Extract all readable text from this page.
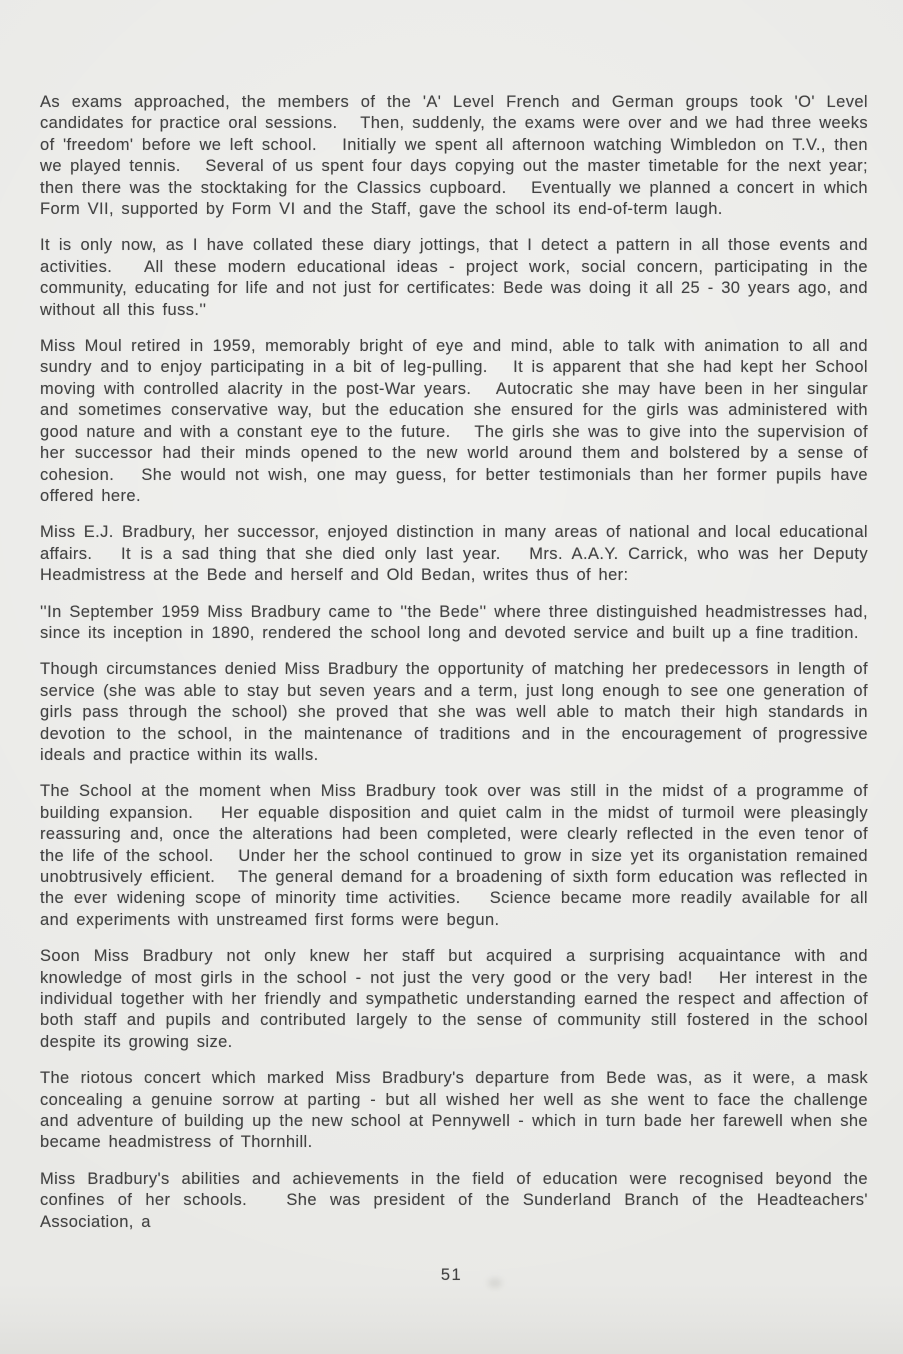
As exams approached, the members of the 'A' Level French and German groups took 'O' Level candidates for practice oral sessions.   Then, suddenly, the exams were over and we had three weeks of 'freedom' before we left school.   Initially we spent all afternoon watching Wimbledon on T.V., then we played tennis.   Several of us spent four days copying out the master timetable for the next year; then there was the stocktaking for the Classics cupboard.   Eventually we planned a concert in which Form VII, supported by Form VI and the Staff, gave the school its end-of-term laugh.

It is only now, as I have collated these diary jottings, that I detect a pattern in all those events and activities.   All these modern educational ideas - project work, social concern, participating in the community, educating for life and not just for certificates: Bede was doing it all 25 - 30 years ago, and without all this fuss.''

Miss Moul retired in 1959, memorably bright of eye and mind, able to talk with animation to all and sundry and to enjoy participating in a bit of leg-pulling.   It is apparent that she had kept her School moving with controlled alacrity in the post-War years.   Autocratic she may have been in her singular and sometimes conservative way, but the education she ensured for the girls was administered with good nature and with a constant eye to the future.   The girls she was to give into the supervision of her successor had their minds opened to the new world around them and bolstered by a sense of cohesion.   She would not wish, one may guess, for better testimonials than her former pupils have offered here.

Miss E.J. Bradbury, her successor, enjoyed distinction in many areas of national and local educational affairs.   It is a sad thing that she died only last year.   Mrs. A.A.Y. Carrick, who was her Deputy Headmistress at the Bede and herself and Old Bedan, writes thus of her:

''In September 1959 Miss Bradbury came to ''the Bede'' where three distinguished headmistresses had, since its inception in 1890, rendered the school long and devoted service and built up a fine tradition.

Though circumstances denied Miss Bradbury the opportunity of matching her predecessors in length of service (she was able to stay but seven years and a term, just long enough to see one generation of girls pass through the school) she proved that she was well able to match their high standards in devotion to the school, in the maintenance of traditions and in the encouragement of progressive ideals and practice within its walls.

The School at the moment when Miss Bradbury took over was still in the midst of a programme of building expansion.   Her equable disposition and quiet calm in the midst of turmoil were pleasingly reassuring and, once the alterations had been completed, were clearly reflected in the even tenor of the life of the school.   Under her the school continued to grow in size yet its organistation remained unobtrusively efficient.   The general demand for a broadening of sixth form education was reflected in the ever widening scope of minority time activities.   Science became more readily available for all and experiments with unstreamed first forms were begun.

Soon Miss Bradbury not only knew her staff but acquired a surprising acquaintance with and knowledge of most girls in the school - not just the very good or the very bad!   Her interest in the individual together with her friendly and sympathetic understanding earned the respect and affection of both staff and pupils and contributed largely to the sense of community still fostered in the school despite its growing size.

The riotous concert which marked Miss Bradbury's departure from Bede was, as it were, a mask concealing a genuine sorrow at parting - but all wished her well as she went to face the challenge and adventure of building up the new school at Pennywell - which in turn bade her farewell when she became headmistress of Thornhill.

Miss Bradbury's abilities and achievements in the field of education were recognised beyond the confines of her schools.   She was president of the Sunderland Branch of the Headteachers' Association, a

51
